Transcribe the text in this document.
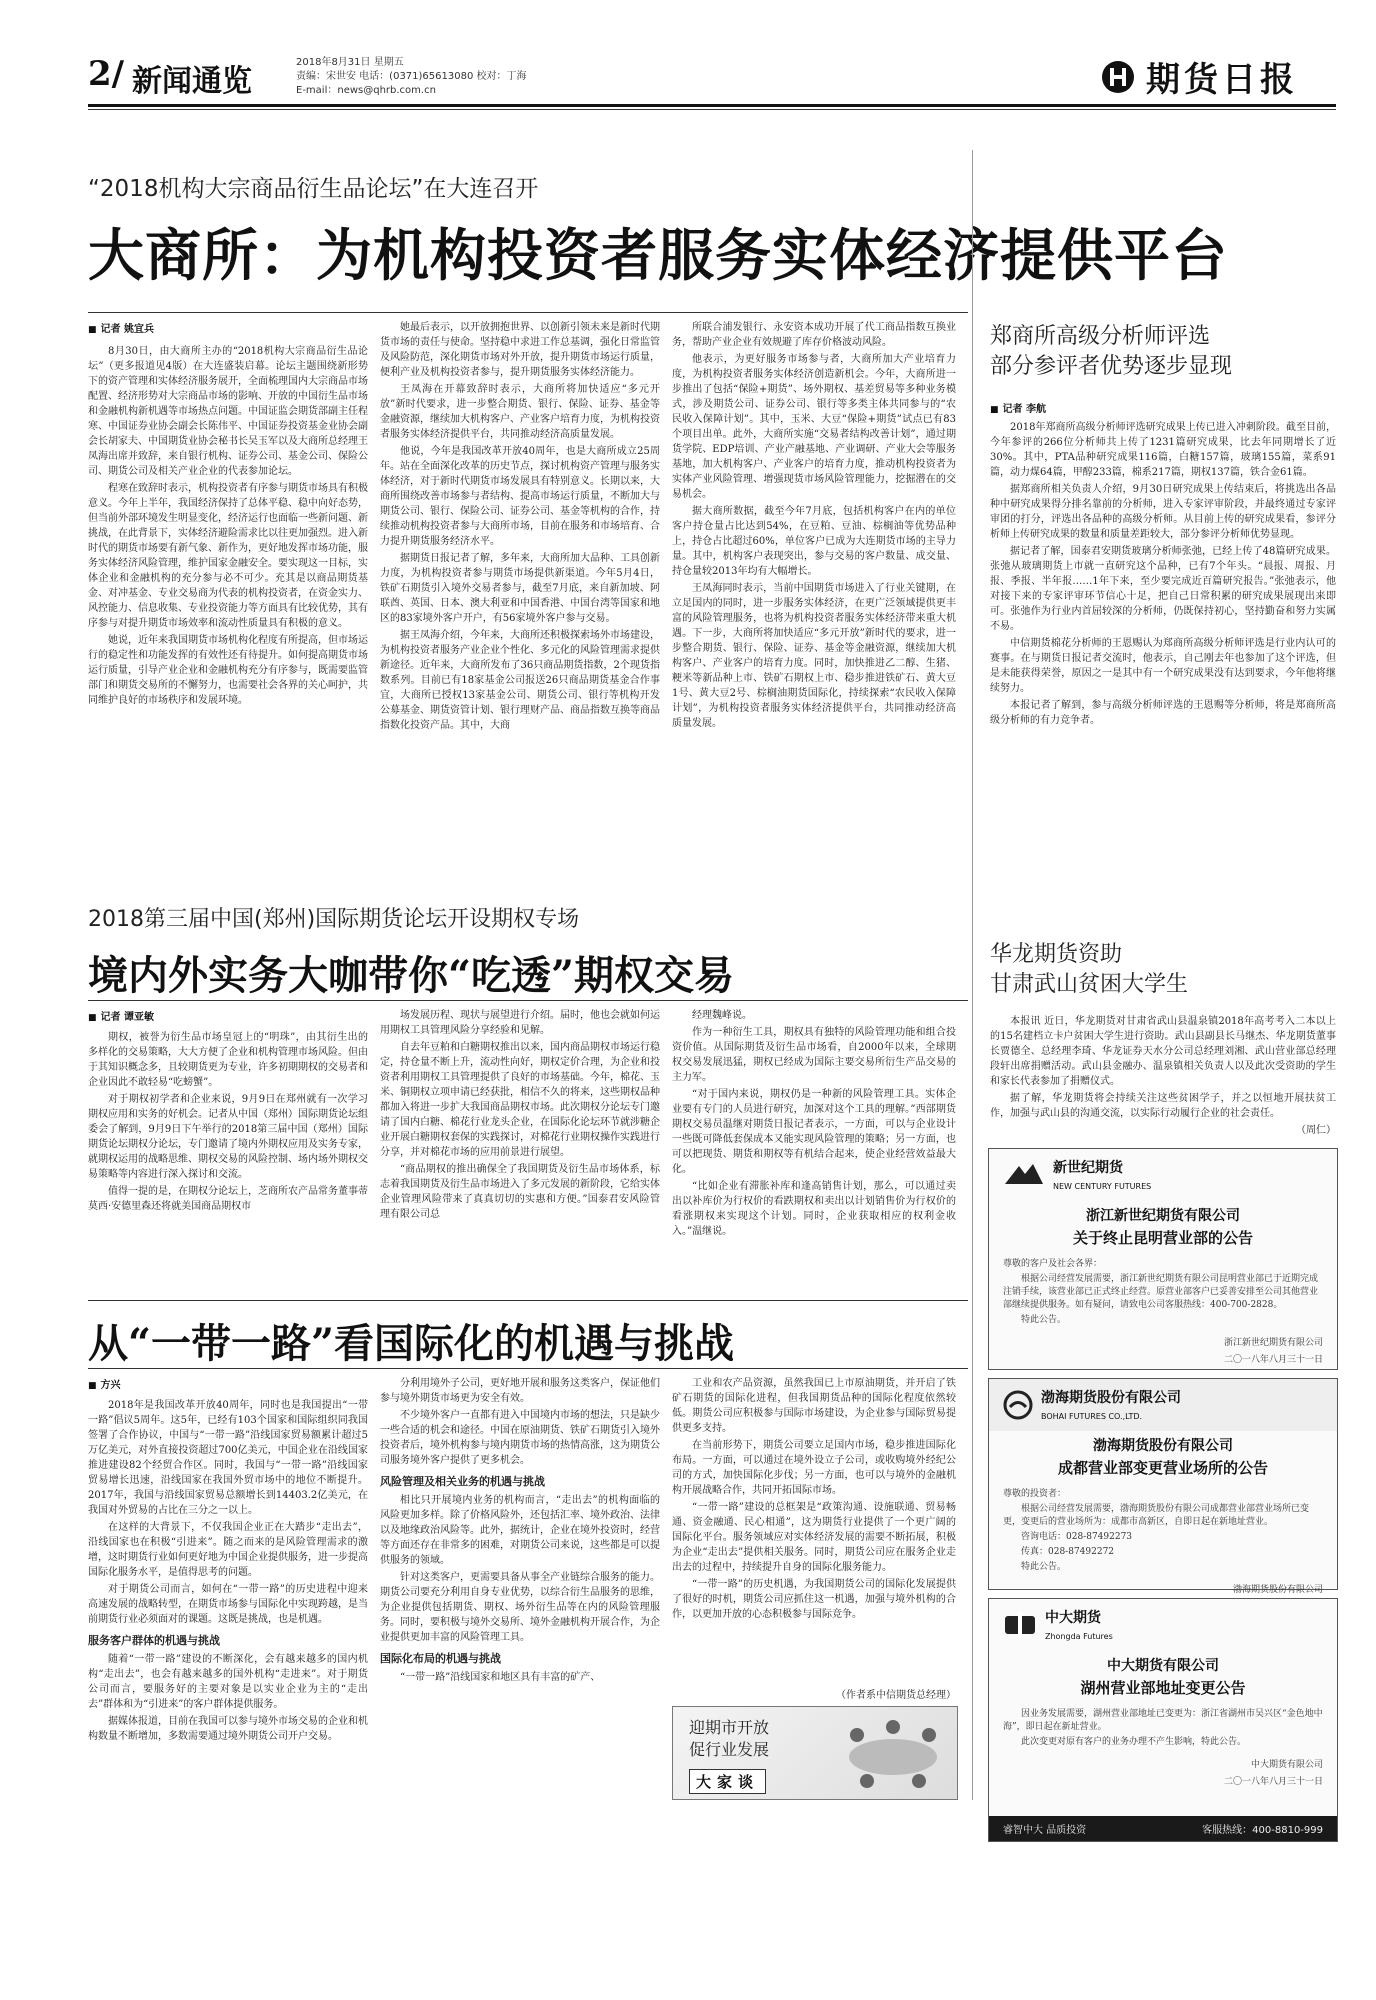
2/ 新闻通览
2018年8月31日 星期五
责编：宋世安 电话：(0371)65613080 校对：丁海
E-mail：news@qhrb.com.cn	期货日报
“2018机构大宗商品衍生品论坛”在大连召开
大商所：为机构投资者服务实体经济提供平台
■ 记者 姚宜兵

8月30日，由大商所主办的“2018机构大宗商品衍生品论坛”（更多报道见4版）在大连盛装启幕。论坛主题围绕新形势下的资产管理和实体经济服务展开，全面梳理国内大宗商品市场配置、经济形势对大宗商品市场的影响、开放的中国衍生品市场和金融机构新机遇等市场热点问题。中国证监会期货部副主任程寒、中国证券业协会副会长陈伟平、中国证券投资基金业协会副会长胡家夫、中国期货业协会秘书长吴玉军以及大商所总经理王凤海出席并致辞，来自银行机构、证券公司、基金公司、保险公司、期货公司及相关产业企业的代表参加论坛。

程寒在致辞时表示，机构投资者有序参与期货市场具有积极意义。今年上半年，我国经济保持了总体平稳、稳中向好态势，但当前外部环境发生明显变化，经济运行也面临一些新问题、新挑战，在此背景下，实体经济避险需求比以往更加强烈。进入新时代的期货市场要有新气象、新作为，更好地发挥市场功能，服务实体经济风险管理，维护国家金融安全。要实现这一目标，实体企业和金融机构的充分参与必不可少。充其是以商品期货基金、对冲基金、专业交易商为代表的机构投资者，在资金实力、风控能力、信息收集、专业投资能力等方面具有比较优势，其有序参与对提升期货市场效率和流动性质量具有积极的意义。

她说，近年来我国期货市场机构化程度有所提高，但市场运行的稳定性和功能发挥的有效性还有待提升。如何提高期货市场运行质量，引导产业企业和金融机构充分有序参与，既需要监管部门和期货交易所的不懈努力，也需要社会各界的关心呵护，共同维护良好的市场秩序和发展环境。

她最后表示，以开放拥抱世界、以创新引领未来是新时代期货市场的责任与使命。坚持稳中求进工作总基调，强化日常监管及风险防范，深化期货市场对外开放，提升期货市场运行质量，便利产业及机构投资者参与，提升期货服务实体经济能力。

王凤海在开幕致辞时表示，大商所将加快适应“多元开放”新时代要求，进一步整合期货、银行、保险、证券、基金等金融资源，继续加大机构客户、产业客户培育力度，为机构投资者服务实体经济提供平台，共同推动经济高质量发展。

他说，今年是我国改革开放40周年，也是大商所成立25周年。站在全面深化改革的历史节点，探讨机构资产管理与服务实体经济，对于新时代期货市场发展具有特别意义。长期以来，大商所围绕改善市场参与者结构、提高市场运行质量，不断加大与期货公司、银行、保险公司、证券公司、基金等机构的合作，持续推动机构投资者参与大商所市场，目前在服务和市场培育、合力提升期货服务经济水平。

据期货日报记者了解，多年来，大商所加大品种、工具创新力度，为机构投资者参与期货市场提供新渠道。今年5月4日，铁矿石期货引入境外交易者参与，截至7月底，来自新加坡、阿联酋、英国、日本、澳大利亚和中国香港、中国台湾等国家和地区的83家境外客户开户，有56家境外客户参与交易。

据王凤海介绍，今年来，大商所还积极探索场外市场建设，为机构投资者服务产业企业个性化、多元化的风险管理需求提供新途径。近年来，大商所发布了36只商品期货指数，2个现货指数系列。目前已有18家基金公司报送26只商品期货基金合作事宜，大商所已授权13家基金公司、期货公司、银行等机构开发公募基金、期货资管计划、银行理财产品、商品指数互换等商品指数化投资产品。其中，大商

所联合浦发银行、永安资本成功开展了代工商品指数互换业务，帮助产业企业有效规避了库存价格波动风险。

他表示，为更好服务市场参与者，大商所加大产业培育力度，为机构投资者服务实体经济创造新机会。今年，大商所进一步推出了包括“保险+期货”、场外期权、基差贸易等多种业务模式，涉及期货公司、证券公司、银行等多类主体共同参与的“农民收入保障计划”。其中，玉米、大豆“保险+期货”试点已有83个项目出单。此外，大商所实施“交易者结构改善计划”，通过期货学院、EDP培训、产业产融基地、产业调研、产业大会等服务基地，加大机构客户、产业客户的培育力度，推动机构投资者为实体产业风险管理、增强现货市场风险管理能力，挖掘潜在的交易机会。

据大商所数据，截至今年7月底，包括机构客户在内的单位客户持仓量占比达到54%，在豆粕、豆油、棕榈油等优势品种上，持仓占比超过60%，单位客户已成为大连期货市场的主导力量。其中，机构客户表现突出，参与交易的客户数量、成交量、持仓量较2013年均有大幅增长。

王凤海同时表示，当前中国期货市场进入了行业关键期，在立足国内的同时，进一步服务实体经济，在更广泛领域提供更丰富的风险管理服务，也将为机构投资者服务实体经济带来重大机遇。下一步，大商所将加快适应“多元开放”新时代的要求，进一步整合期货、银行、保险、证券、基金等金融资源，继续加大机构客户、产业客户的培育力度。同时，加快推进乙二醇、生猪、粳米等新品种上市、铁矿石期权上市、稳步推进铁矿石、黄大豆1号、黄大豆2号、棕榈油期货国际化，持续探索“农民收入保障计划”，为机构投资者服务实体经济提供平台，共同推动经济高质量发展。

郑商所高级分析师评选
部分参评者优势逐步显现
■ 记者 李航

2018年郑商所高级分析师评选研究成果上传已进入冲刺阶段。截至目前，今年参评的266位分析师共上传了1231篇研究成果，比去年同期增长了近30%。其中，PTA品种研究成果116篇，白糖157篇，玻璃155篇，菜系91篇，动力煤64篇，甲醇233篇，棉系217篇，期权137篇，铁合金61篇。

据郑商所相关负责人介绍，9月30日研究成果上传结束后，将挑选出各品种中研究成果得分排名靠前的分析师，进入专家评审阶段，并最终通过专家评审团的打分，评选出各品种的高级分析师。从目前上传的研究成果看，参评分析师上传研究成果的数量和质量差距较大，部分参评分析师优势显现。

据记者了解，国泰君安期货玻璃分析师张弛，已经上传了48篇研究成果。张弛从玻璃期货上市就一直研究这个品种，已有7个年头。“晨报、周报、月报、季报、半年报……1年下来，至少要完成近百篇研究报告。”张弛表示，他对接下来的专家评审环节信心十足，把自己日常积累的研究成果展现出来即可。张弛作为行业内首屈较深的分析师，仍既保持初心，坚持勤奋和努力实属不易。

中信期货棉花分析师的王恩赐认为郑商所高级分析师评选是行业内认可的赛事。在与期货日报记者交流时，他表示，自己刚去年也参加了这个评选，但是未能获得荣誉，原因之一是其中有一个研究成果没有达到要求，今年他将继续努力。

本报记者了解到，参与高级分析师评选的王恩赐等分析师，将是郑商所高级分析师的有力竞争者。

2018第三届中国(郑州)国际期货论坛开设期权专场
境内外实务大咖带你“吃透”期权交易
■ 记者 谭亚敏

期权，被誉为衍生品市场皇冠上的“明珠”，由其衍生出的多样化的交易策略，大大方便了企业和机构管理市场风险。但由于其知识概念多，且较期货更为专业，许多初期期权的交易者和企业因此不敢轻易“吃螃蟹”。

对于期权初学者和企业来说，9月9日在郑州就有一次学习期权应用和实务的好机会。记者从中国（郑州）国际期货论坛组委会了解到，9月9日下午举行的2018第三届中国（郑州）国际期货论坛期权分论坛，专门邀请了境内外期权应用及实务专家，就期权运用的战略思维、期权交易的风险控制、场内场外期权交易策略等内容进行深入探讨和交流。

值得一提的是，在期权分论坛上，芝商所农产品常务董事蒂莫西·安德里森还将就美国商品期权市

场发展历程、现状与展望进行介绍。届时，他也会就如何运用期权工具管理风险分享经验和见解。

自去年豆粕和白糖期权推出以来，国内商品期权市场运行稳定，持仓量不断上升，流动性向好，期权定价合理，为企业和投资者利用期权工具管理提供了良好的市场基础。今年，棉花、玉米、铜期权立项申请已经获批，相信不久的将来，这些期权品种都加入将进一步扩大我国商品期权市场。此次期权分论坛专门邀请了国内白糖、棉花行业龙头企业，在国际化论坛环节就涉糖企业开展白糖期权套保的实践探讨，对棉花行业期权操作实践进行分享，并对棉花市场的应用前景进行展望。

“商品期权的推出确保全了我国期货及衍生品市场体系，标志着我国期货及衍生品市场进入了多元发展的新阶段，它给实体企业管理风险带来了真真切切的实惠和方便。”国泰君安风险管理有限公司总

经理魏峰说。

作为一种衍生工具，期权具有独特的风险管理功能和组合投资价值。从国际期货及衍生品市场看，自2000年以来，全球期权交易发展迅猛，期权已经成为国际主要交易所衍生产品交易的主力军。

“对于国内来说，期权仍是一种新的风险管理工具。实体企业要有专门的人员进行研究，加深对这个工具的理解。”西部期货期权交易员温继对期货日报记者表示，一方面，可以与企业设计一些既可降低套保成本又能实现风险管理的策略；另一方面，也可以把现货、期货和期权等有机结合起来，使企业经营效益最大化。

“比如企业有滞胀补库和逢高销售计划，那么，可以通过卖出以补库价为行权价的看跌期权和卖出以计划销售价为行权价的看涨期权来实现这个计划。同时，企业获取相应的权利金收入。”温继说。

华龙期货资助
甘肃武山贫困大学生

本报讯 近日，华龙期货对甘肃省武山县温泉镇2018年高考考入二本以上的15名建档立卡户贫困大学生进行资助。武山县副县长马继杰、华龙期货董事长贾德全、总经理李琦、华龙证券天水分公司总经理刘湘、武山营业部总经理段轩出席捐赠活动。武山县金融办、温泉镇相关负责人以及此次受资助的学生和家长代表参加了捐赠仪式。

据了解，华龙期货将会持续关注这些贫困学子，并之以恒地开展扶贫工作，加强与武山县的沟通交流，以实际行动履行企业的社会责任。

（周仁）
新世纪期货
NEW CENTURY FUTURES
浙江新世纪期货有限公司
关于终止昆明营业部的公告

尊敬的客户及社会各界：

根据公司经营发展需要，浙江新世纪期货有限公司昆明营业部已于近期完成注销手续，该营业部已正式终止经营。原营业部客户已妥善安排至公司其他营业部继续提供服务。如有疑问，请致电公司客服热线：400-700-2828。

特此公告。

浙江新世纪期货有限公司
二〇一八年八月三十一日
渤海期货股份有限公司
BOHAI FUTURES CO.,LTD.
渤海期货股份有限公司
成都营业部变更营业场所的公告

尊敬的投资者：

根据公司经营发展需要，渤海期货股份有限公司成都营业部营业场所已变更，变更后的营业场所为：成都市高新区，自即日起在新地址营业。

咨询电话：028-87492273

传真：028-87492272

特此公告。

渤海期货股份有限公司
中大期货
Zhongda Futures
中大期货有限公司
湖州营业部地址变更公告

因业务发展需要，湖州营业部地址已变更为：浙江省湖州市吴兴区“金色地中海”，即日起在新址营业。

此次变更对原有客户的业务办理不产生影响，特此公告。

中大期货有限公司
二〇一八年八月三十一日
睿智中大 品质投资	客服热线：400-8810-999
从“一带一路”看国际化的机遇与挑战
■ 方兴

2018年是我国改革开放40周年，同时也是我国提出“一带一路”倡议5周年。这5年，已经有103个国家和国际组织同我国签署了合作协议，中国与“一带一路”沿线国家贸易额累计超过5万亿美元，对外直接投资超过700亿美元，中国企业在沿线国家推进建设82个经贸合作区。同时，我国与“一带一路”沿线国家贸易增长迅速，沿线国家在我国外贸市场中的地位不断提升。2017年，我国与沿线国家贸易总额增长到14403.2亿美元，在我国对外贸易的占比在三分之一以上。

在这样的大背景下，不仅我国企业正在大踏步“走出去”，沿线国家也在积极“引进来”。随之而来的是风险管理需求的激增，这时期货行业如何更好地为中国企业提供服务，进一步提高国际化服务水平，是值得思考的问题。

对于期货公司而言，如何在“一带一路”的历史进程中迎来高速发展的战略转型，在期货市场参与国际化中实现跨越，是当前期货行业必须面对的课题。这既是挑战，也是机遇。

服务客户群体的机遇与挑战

随着“一带一路”建设的不断深化，会有越来越多的国内机构“走出去”，也会有越来越多的国外机构“走进来”。对于期货公司而言，要服务好的主要对象是以实业企业为主的“走出去”群体和为“引进来”的客户群体提供服务。

据媒体报道，目前在我国可以参与境外市场交易的企业和机构数量不断增加，多数需要通过境外期货公司开户交易。

分利用境外子公司，更好地开展和服务这类客户，保证他们参与境外期货市场更为安全有效。

不少境外客户一直都有进入中国境内市场的想法，只是缺少一些合适的机会和途径。中国在原油期货、铁矿石期货引入境外投资者后，境外机构参与境内期货市场的热情高涨，这为期货公司服务境外客户提供了更多机会。

风险管理及相关业务的机遇与挑战

相比只开展境内业务的机构而言，“走出去”的机构面临的风险更加多样。除了价格风险外，还包括汇率、境外政治、法律以及地缘政治风险等。此外，据统计，企业在境外投资时，经营等方面还存在非常多的困难，对期货公司来说，这些都是可以提供服务的领域。

针对这类客户，更需要具备从事全产业链综合服务的能力。期货公司要充分利用自身专业优势，以综合衍生品服务的思维，为企业提供包括期货、期权、场外衍生品等在内的风险管理服务。同时，要积极与境外交易所、境外金融机构开展合作，为企业提供更加丰富的风险管理工具。

国际化布局的机遇与挑战

“一带一路”沿线国家和地区具有丰富的矿产、

工业和农产品资源，虽然我国已上市原油期货，并开启了铁矿石期货的国际化进程，但我国期货品种的国际化程度依然较低。期货公司应积极参与国际市场建设，为企业参与国际贸易提供更多支持。

在当前形势下，期货公司要立足国内市场，稳步推进国际化布局。一方面，可以通过在境外设立子公司，或收购境外经纪公司的方式，加快国际化步伐；另一方面，也可以与境外的金融机构开展战略合作，共同开拓国际市场。

“一带一路”建设的总框架是“政策沟通、设施联通、贸易畅通、资金融通、民心相通”，这为期货行业提供了一个更广阔的国际化平台。服务领域应对实体经济发展的需要不断拓展，积极为企业“走出去”提供相关服务。同时，期货公司应在服务企业走出去的过程中，持续提升自身的国际化服务能力。

“一带一路”的历史机遇，为我国期货公司的国际化发展提供了很好的时机，期货公司应抓住这一机遇，加强与境外机构的合作，以更加开放的心态积极参与国际竞争。

（作者系中信期货总经理）
迎期市开放
促行业发展
大家谈
